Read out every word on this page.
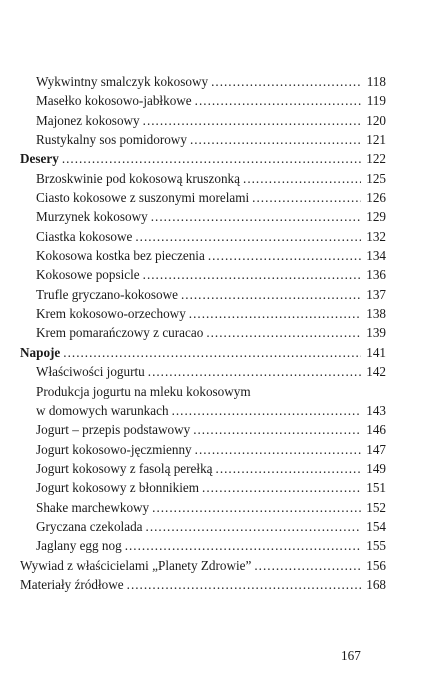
Wykwintny smalczyk kokosowy .....	118
Masełko kokosowo-jabłkowe .....	119
Majonez kokosowy .....	120
Rustykalny sos pomidorowy .....	121
Desery .....	122
Brzoskwinie pod kokosową kruszonką .....	125
Ciasto kokosowe z suszonymi morelami .....	126
Murzynek kokosowy .....	129
Ciastka kokosowe .....	132
Kokosowa kostka bez pieczenia .....	134
Kokosowe popsicle .....	136
Trufle gryczano-kokosowe .....	137
Krem kokosowo-orzechowy .....	138
Krem pomarańczowy z curacao .....	139
Napoje .....	141
Właściwości jogurtu .....	142
Produkcja jogurtu na mleku kokosowym
w domowych warunkach .....	143
Jogurt – przepis podstawowy .....	146
Jogurt kokosowo-jęczmienny .....	147
Jogurt kokosowy z fasolą perełką .....	149
Jogurt kokosowy z błonnikiem .....	151
Shake marchewkowy .....	152
Gryczana czekolada .....	154
Jaglany egg nog .....	155
Wywiad z właścicielami „Planety Zdrowie” .....	156
Materiały źródłowe .....	168
167
